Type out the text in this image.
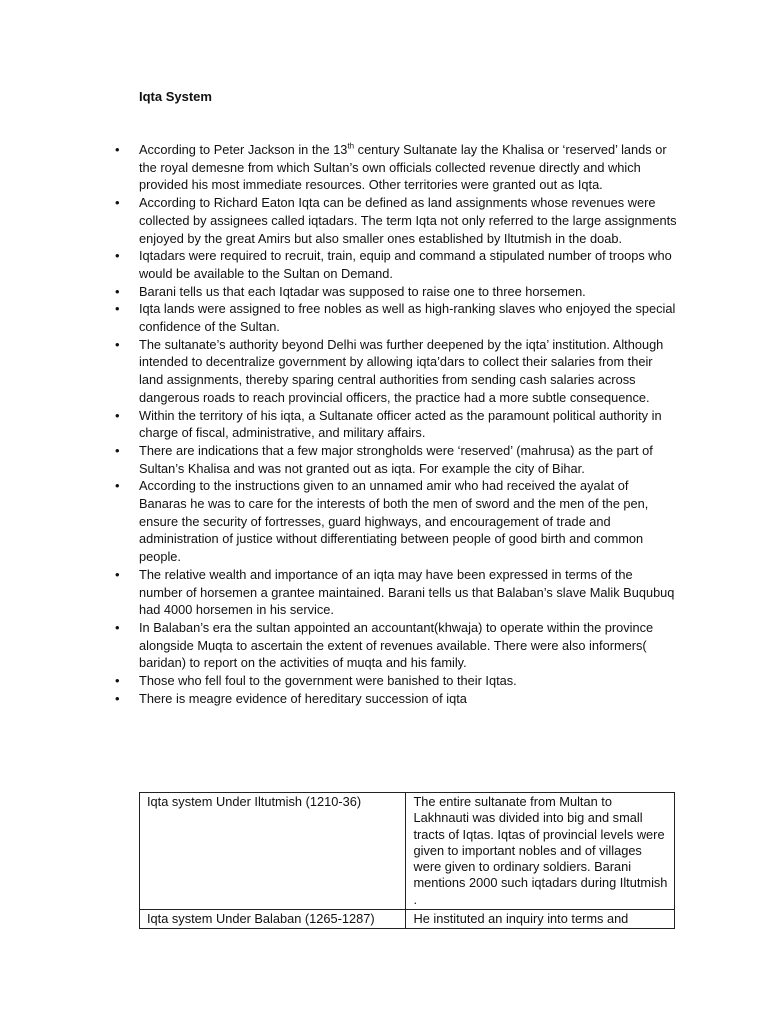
Iqta System
• According to Peter Jackson in the 13th century Sultanate lay the Khalisa or ‘reserved’ lands or the royal demesne from which Sultan’s own officials collected revenue directly and which provided his most immediate resources. Other territories were granted out as Iqta.
• According to Richard Eaton Iqta can be defined as land assignments whose revenues were collected by assignees called iqtadars. The term Iqta not only referred to the large assignments enjoyed by the great Amirs but also smaller ones established by Iltutmish in the doab.
• Iqtadars were required to recruit, train, equip and command a stipulated number of troops who would be available to the Sultan on Demand.
• Barani tells us that each Iqtadar was supposed to raise one to three horsemen.
• Iqta lands were assigned to free nobles as well as high-ranking slaves who enjoyed the special confidence of the Sultan.
• The sultanate’s authority beyond Delhi was further deepened by the iqta’ institution. Although intended to decentralize government by allowing iqta’dars to collect their salaries from their land assignments, thereby sparing central authorities from sending cash salaries across dangerous roads to reach provincial officers, the practice had a more subtle consequence.
• Within the territory of his iqta, a Sultanate officer acted as the paramount political authority in charge of fiscal, administrative, and military affairs.
• There are indications that a few major strongholds were ‘reserved’ (mahrusa) as the part of Sultan’s Khalisa and was not granted out as iqta. For example the city of Bihar.
• According to the instructions given to an unnamed amir who had received the ayalat of Banaras he was to care for the interests of both the men of sword and the men of the pen, ensure the security of fortresses, guard highways, and encouragement of trade and administration of justice without differentiating between people of good birth and common people.
• The relative wealth and importance of an iqta may have been expressed in terms of the number of horsemen a grantee maintained. Barani tells us that Balaban’s slave Malik Buqubuq had 4000 horsemen in his service.
• In Balaban’s era the sultan appointed an accountant(khwaja) to operate within the province alongside Muqta to ascertain the extent of revenues available. There were also informers( baridan) to report on the activities of muqta and his family.
• Those who fell foul to the government were banished to their Iqtas.
• There is meagre evidence of hereditary succession of iqta
Iqta system Under Iltutmish (1210-36)	The entire sultanate from Multan to Lakhnauti was divided into big and small tracts of Iqtas. Iqtas of provincial levels were given to important nobles and of villages were given to ordinary soldiers. Barani mentions 2000 such iqtadars during Iltutmish .
Iqta system Under Balaban (1265-1287)	He instituted an inquiry into terms and
